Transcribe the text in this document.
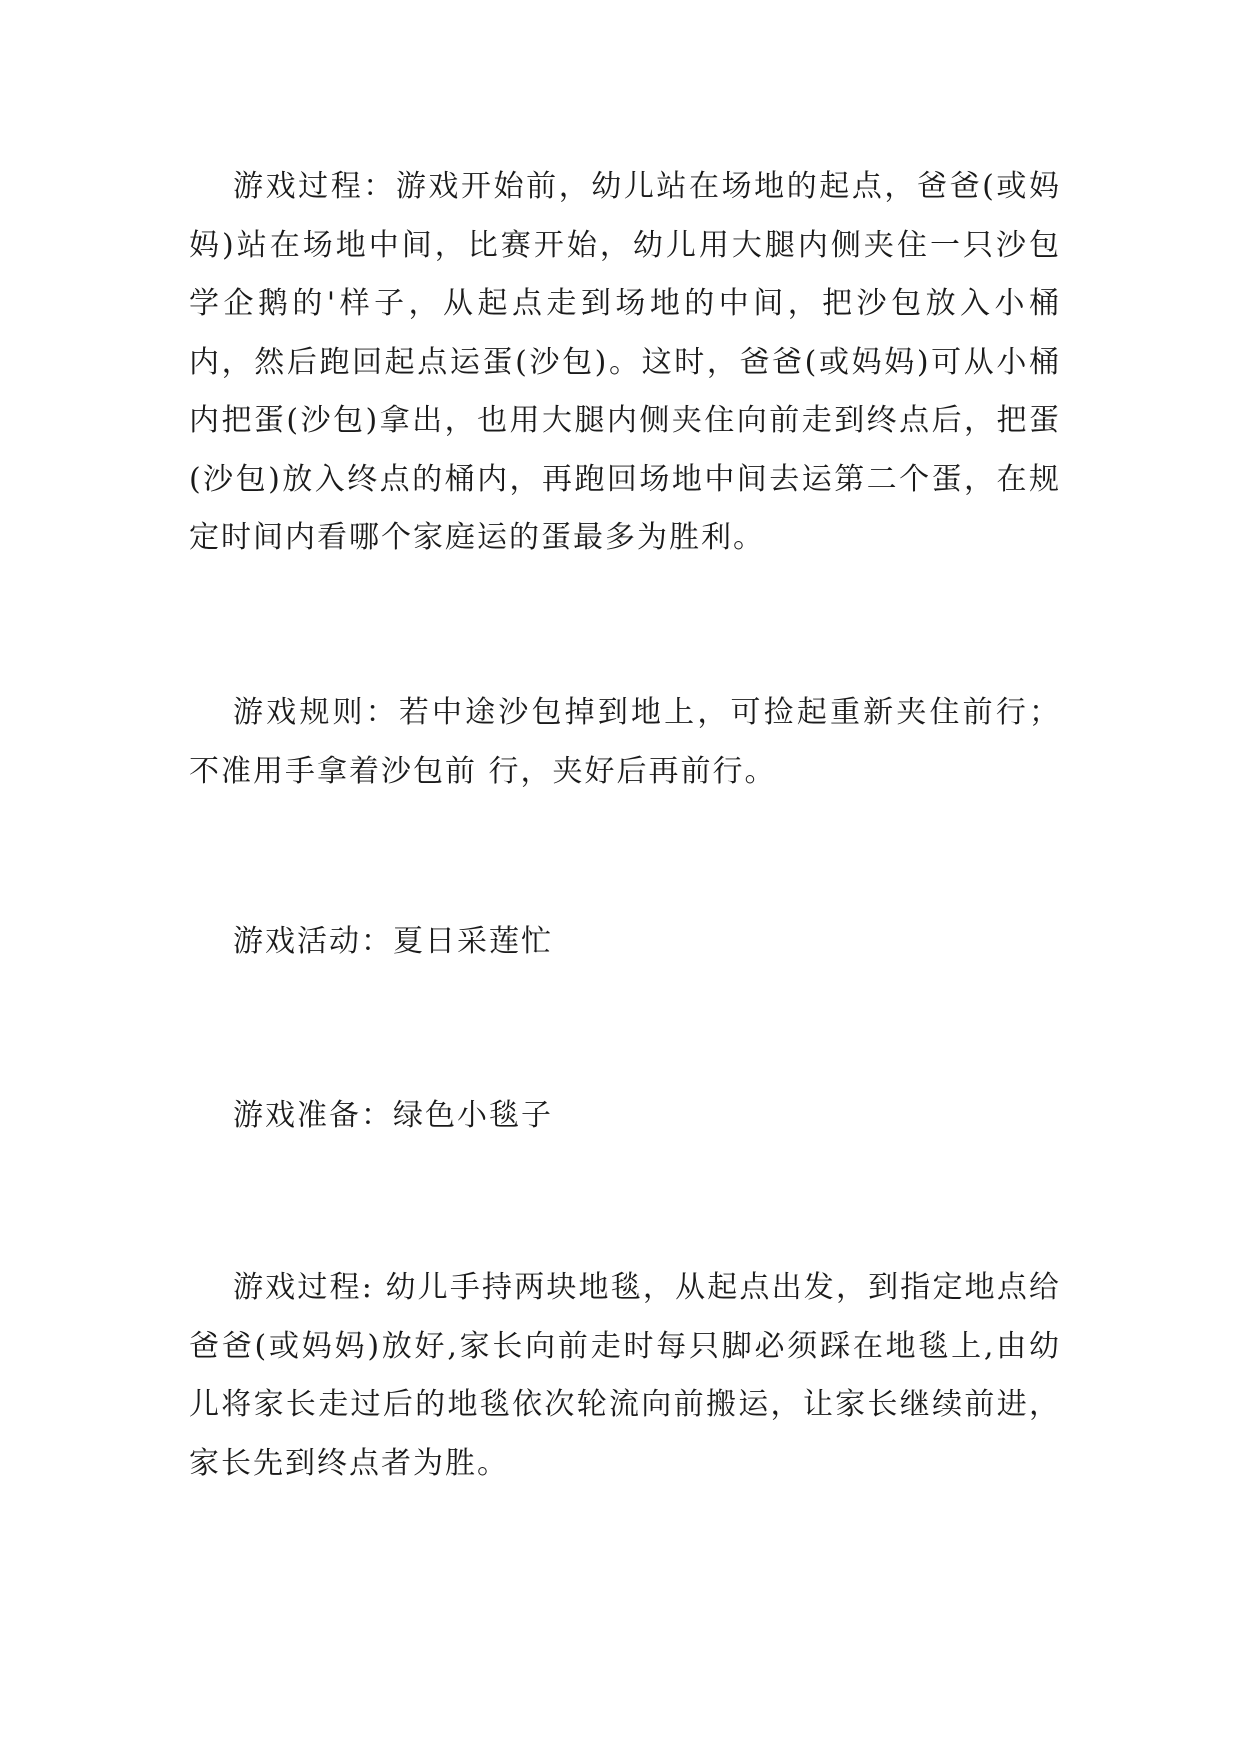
游戏过程：游戏开始前，幼儿站在场地的起点，爸爸(或妈妈)站在场地中间，比赛开始，幼儿用大腿内侧夹住一只沙包学企鹅的'样子，从起点走到场地的中间，把沙包放入小桶内，然后跑回起点运蛋(沙包)。这时，爸爸(或妈妈)可从小桶内把蛋(沙包)拿出，也用大腿内侧夹住向前走到终点后，把蛋(沙包)放入终点的桶内，再跑回场地中间去运第二个蛋，在规定时间内看哪个家庭运的蛋最多为胜利。

游戏规则：若中途沙包掉到地上，可捡起重新夹住前行；不准用手拿着沙包前 行，夹好后再前行。

游戏活动：夏日采莲忙

游戏准备：绿色小毯子

游戏过程: 幼儿手持两块地毯，从起点出发，到指定地点给爸爸(或妈妈)放好,家长向前走时每只脚必须踩在地毯上,由幼儿将家长走过后的地毯依次轮流向前搬运，让家长继续前进，家长先到终点者为胜。
